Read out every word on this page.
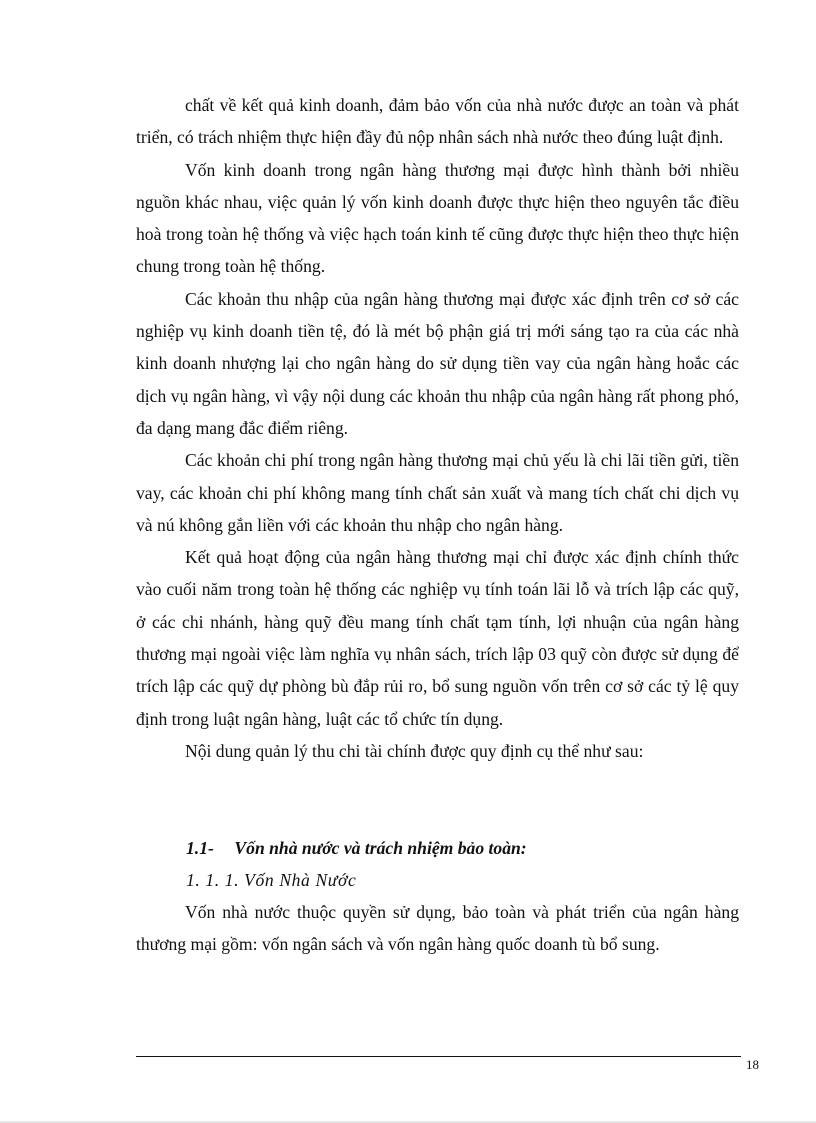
chất về kết quả kinh doanh, đảm bảo vốn của nhà nước được an toàn và phát triển, có trách nhiệm thực hiện đầy đủ nộp nhân sách nhà nước theo đúng luật định.

Vốn kinh doanh trong ngân hàng thương mại được hình thành bởi nhiều nguồn khác nhau, việc quản lý vốn kinh doanh được thực hiện theo nguyên tắc điều hoà trong toàn hệ thống và việc hạch toán kinh tế cũng được thực hiện theo thực hiện chung trong toàn hệ thống.

Các khoản thu nhập của ngân hàng thương mại được xác định trên cơ sở các nghiệp vụ kinh doanh tiền tệ, đó là mét bộ phận giá trị mới sáng tạo ra của các nhà kinh doanh nhượng lại cho ngân hàng do sử dụng tiền vay của ngân hàng hoắc các dịch vụ ngân hàng, vì vậy nội dung các khoản thu nhập của ngân hàng rất phong phó, đa dạng mang đắc điểm riêng.

Các khoản chi phí trong ngân hàng thương mại chủ yếu là chi lãi tiền gửi, tiền vay, các khoản chi phí không mang tính chất sản xuất và mang tích chất chi dịch vụ và nú không gắn liền với các khoản thu nhập cho ngân hàng.

Kết quả hoạt động của ngân hàng thương mại chỉ được xác định chính thức vào cuối năm trong toàn hệ thống các nghiệp vụ tính toán lãi lỗ và trích lập các quỹ, ở các chi nhánh, hàng quỹ đều mang tính chất tạm tính, lợi nhuận của ngân hàng thương mại ngoài việc làm nghĩa vụ nhân sách, trích lập 03 quỹ còn được sử dụng để trích lập các quỹ dự phòng bù đắp rủi ro, bổ sung nguồn vốn trên cơ sở các tỷ lệ quy định trong luật ngân hàng, luật các tổ chức tín dụng.

Nội dung quản lý thu chi tài chính được quy định cụ thể như sau:

1.1- Vốn nhà nước và trách nhiệm bảo toàn:
1. 1. 1. Vốn Nhà Nước

Vốn nhà nước thuộc quyền sử dụng, bảo toàn và phát triển của ngân hàng thương mại gồm: vốn ngân sách và vốn ngân hàng quốc doanh tù bổ sung.

18
